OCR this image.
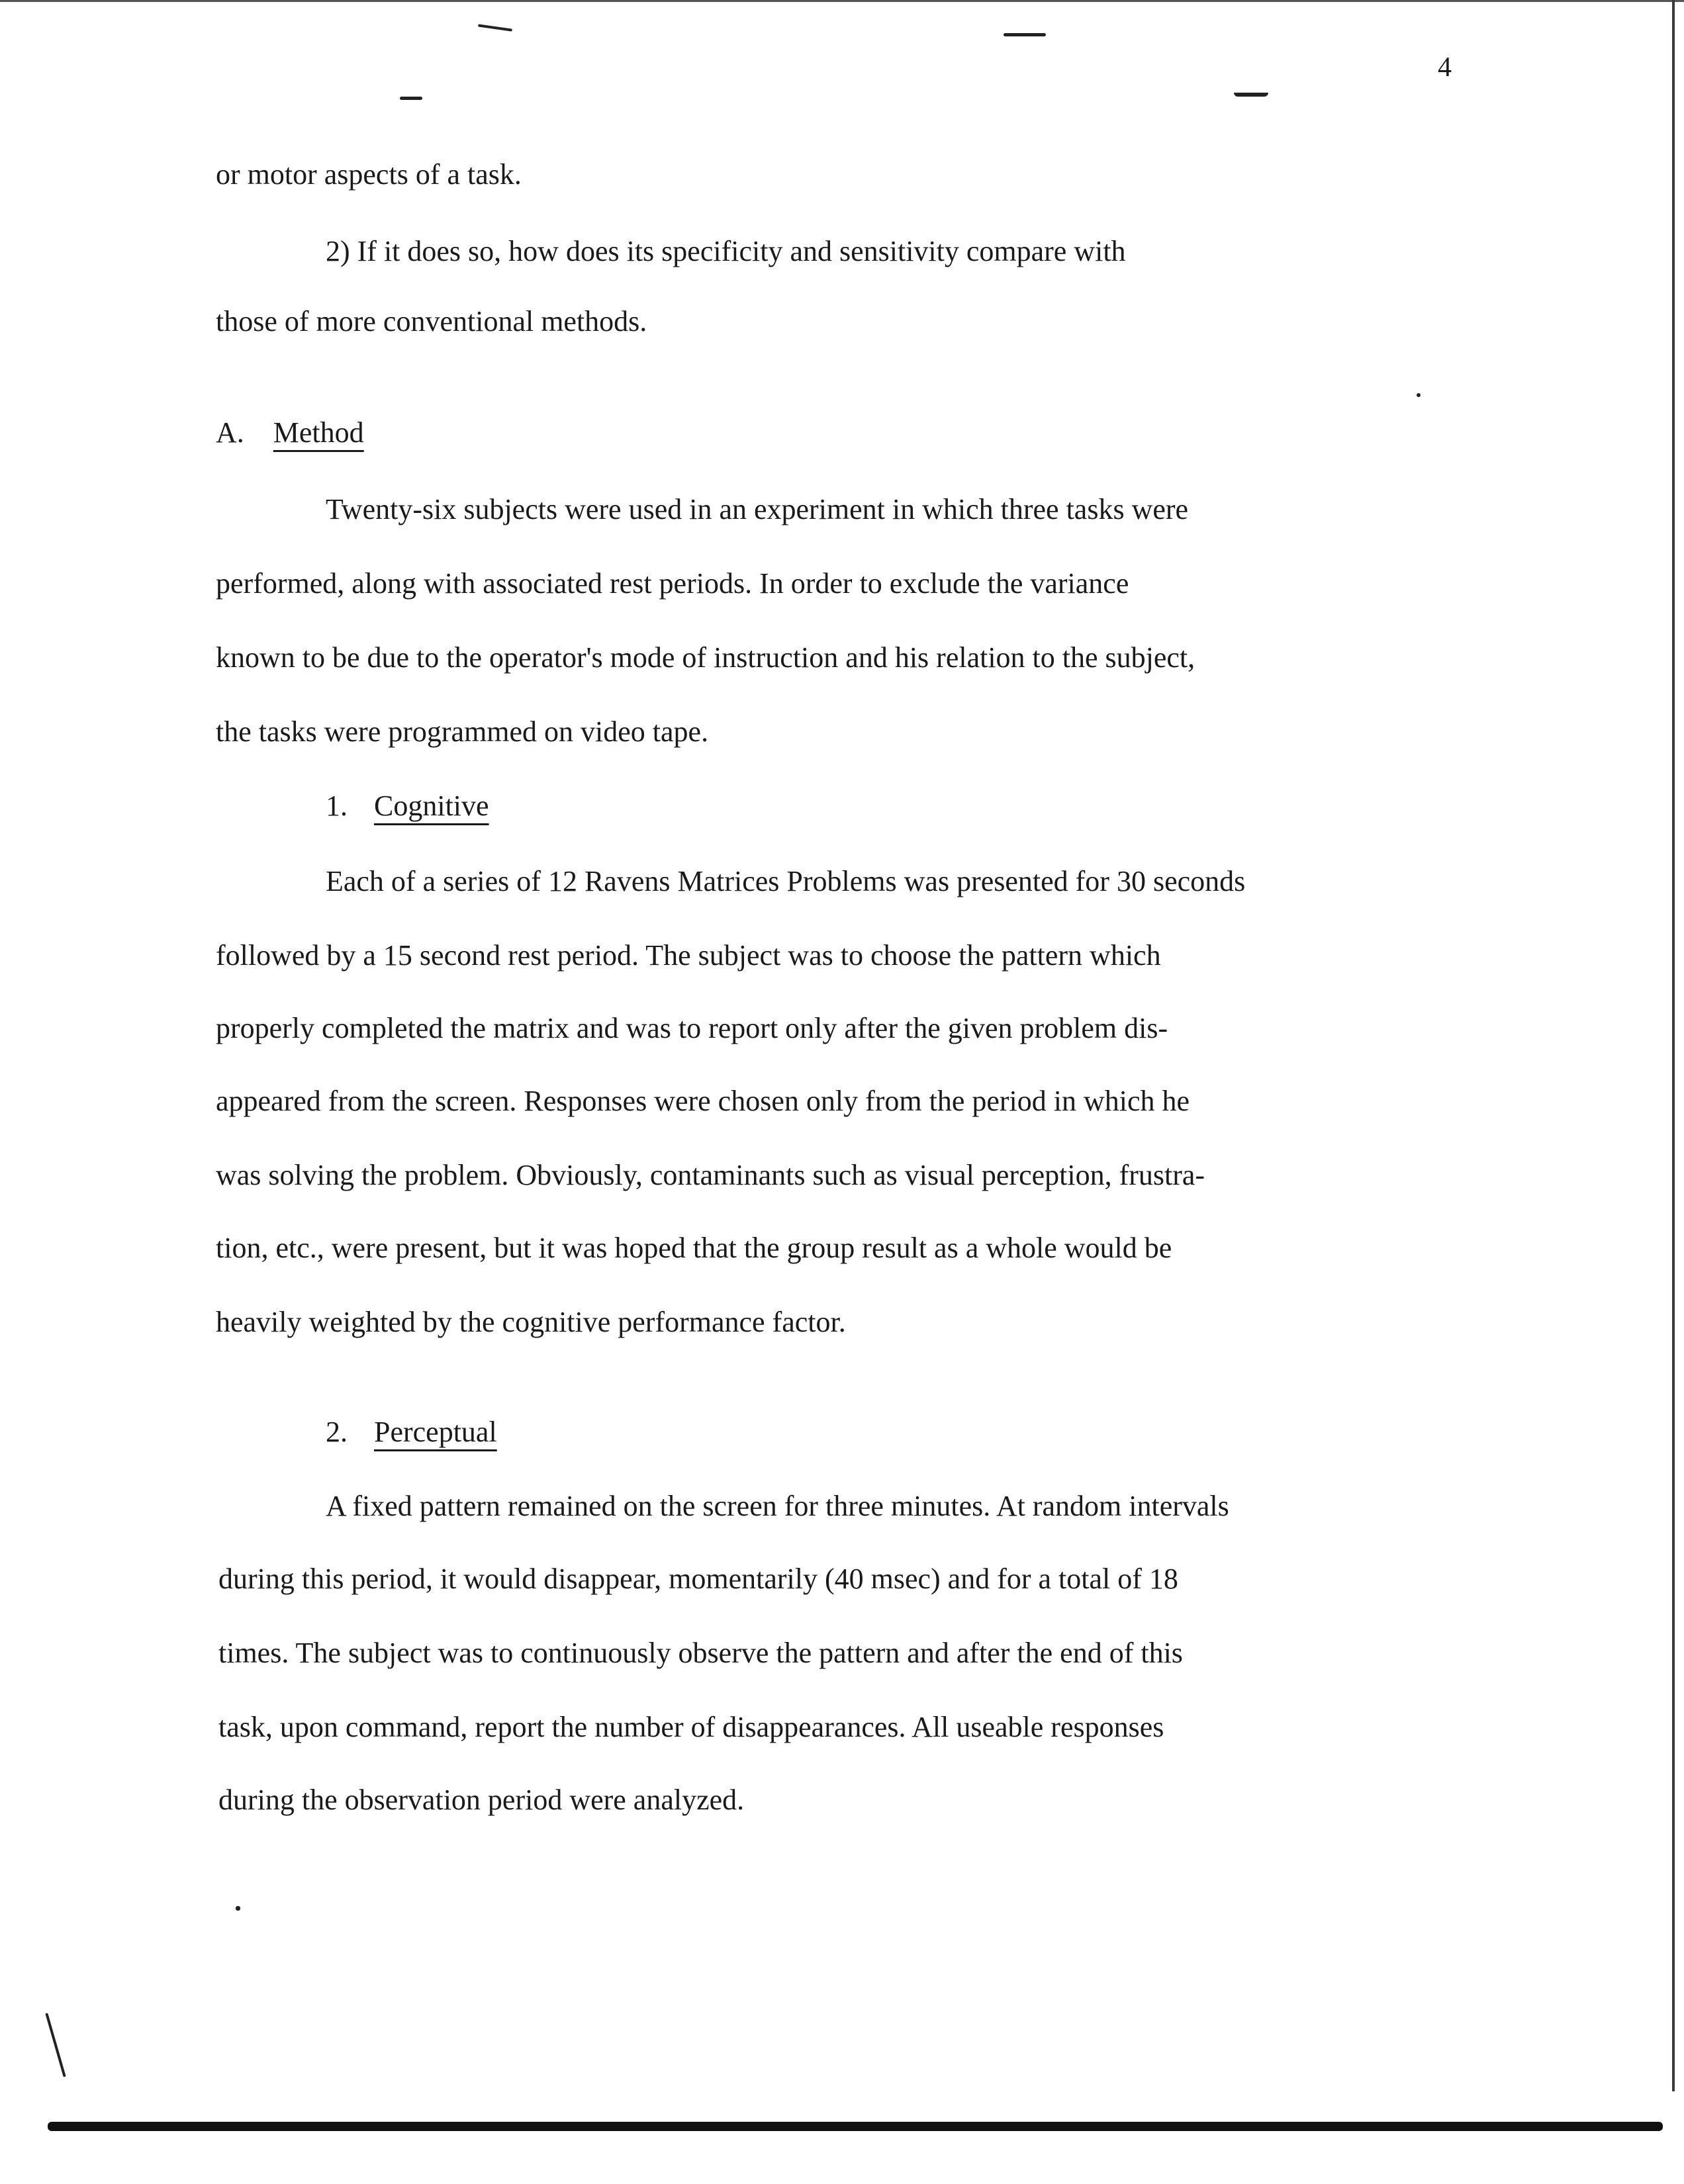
4
or motor aspects of a task.
2) If it does so, how does its specificity and sensitivity compare with
those of more conventional methods.
A. Method
Twenty-six subjects were used in an experiment in which three tasks were
performed, along with associated rest periods. In order to exclude the variance
known to be due to the operator's mode of instruction and his relation to the subject,
the tasks were programmed on video tape.
1. Cognitive
Each of a series of 12 Ravens Matrices Problems was presented for 30 seconds
followed by a 15 second rest period. The subject was to choose the pattern which
properly completed the matrix and was to report only after the given problem dis-
appeared from the screen. Responses were chosen only from the period in which he
was solving the problem. Obviously, contaminants such as visual perception, frustra-
tion, etc., were present, but it was hoped that the group result as a whole would be
heavily weighted by the cognitive performance factor.
2. Perceptual
A fixed pattern remained on the screen for three minutes. At random intervals
during this period, it would disappear, momentarily (40 msec) and for a total of 18
times. The subject was to continuously observe the pattern and after the end of this
task, upon command, report the number of disappearances. All useable responses
during the observation period were analyzed.
